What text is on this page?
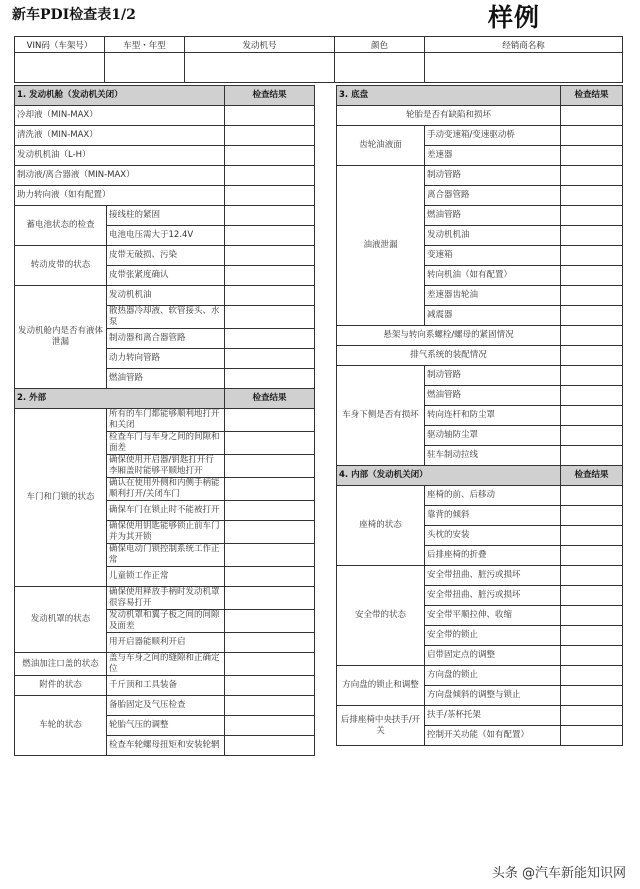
新车PDI检查表1/2	样例
VIN码（车架号）	车型・年型	发动机号	颜色	经销商名称

1. 发动机舱（发动机关闭）		检查结果
冷却液（MIN-MAX）		
清洗液（MIN-MAX）		
发动机机油（L-H）		
制动液/离合器液（MIN-MAX）		
助力转向液（如有配置）		
蓄电池状态的检查	接线柱的紧固	
	电池电压需大于12.4V	
转动皮带的状态	皮带无破损、污染	
	皮带张紧度确认	
发动机舱内是否有液体泄漏	发动机机油	
	散热器冷却液、软管接头、水泵	
	制动器和离合器管路	
	动力转向管路	
	燃油管路	
2. 外部		检查结果
车门和门锁的状态	所有的车门都能够顺利地打开和关闭	
	检查车门与车身之间的间隙和面差	
	确保使用开启器/钥匙打开行李厢盖时能够平顺地打开	
	确认在使用外侧和内侧手柄能顺利打开/关闭车门	
	确保车门在锁止时不能被打开	
	确保使用钥匙能够锁止前车门并为其开锁	
	确保电动门锁控制系统工作正常	
	儿童锁工作正常	
发动机罩的状态	确保使用释放手柄时发动机罩很容易打开	
	发动机罩和翼子板之间的间隙及面差	
	用开启器能顺利开启	
燃油加注口盖的状态	盖与车身之间的缝隙和正确定位	
附件的状态	千斤顶和工具装备	
车轮的状态	备胎固定及气压检查	
	轮胎气压的调整	
	检查车轮螺母扭矩和安装轮辋	
3. 底盘		检查结果
轮胎是否有缺陷和损坏		
齿轮油液面	手动变速箱/变速驱动桥	
	差速器	
油液泄漏	制动管路	
	离合器管路	
	燃油管路	
	发动机机油	
	变速箱	
	转向机油（如有配置）	
	差速器齿轮油	
	减震器	
悬架与转向系螺栓/螺母的紧固情况		
排气系统的装配情况		
车身下侧是否有损坏	制动管路	
	燃油管路	
	转向连杆和防尘罩	
	驱动轴防尘罩	
	驻车制动拉线	
4. 内部（发动机关闭）		检查结果
座椅的状态	座椅的前、后移动	
	靠背的倾斜	
	头枕的安装	
	后排座椅的折叠	
安全带的状态	安全带扭曲、脏污或损坏	
	安全带扭曲、脏污或损坏	
	安全带平顺拉伸、收缩	
	安全带的锁止	
	启带固定点的调整	
方向盘的锁止和调整	方向盘的锁止	
	方向盘倾斜的调整与锁止	
后排座椅中央扶手/开关	扶手/茶杯托架	
	控制开关功能（如有配置）	
头条 @汽车新能知识网
